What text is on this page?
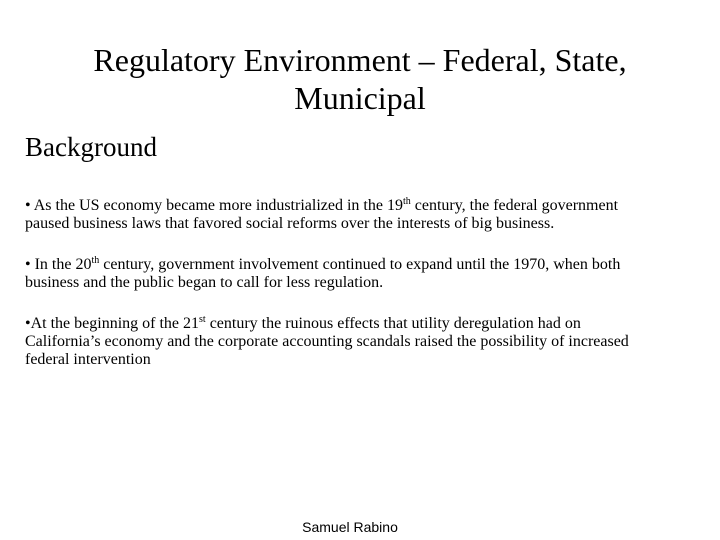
Regulatory Environment – Federal, State,
Municipal
Background

• As the US economy became more industrialized in the 19th century, the federal government
paused business laws that favored social reforms over the interests of big business.

• In the 20th century, government involvement continued to expand until the 1970, when both
business and the public began to call for less regulation.

•At the beginning of the 21st century the ruinous effects that utility deregulation had on
California’s economy and the corporate accounting scandals raised the possibility of increased
federal intervention

Samuel Rabino
